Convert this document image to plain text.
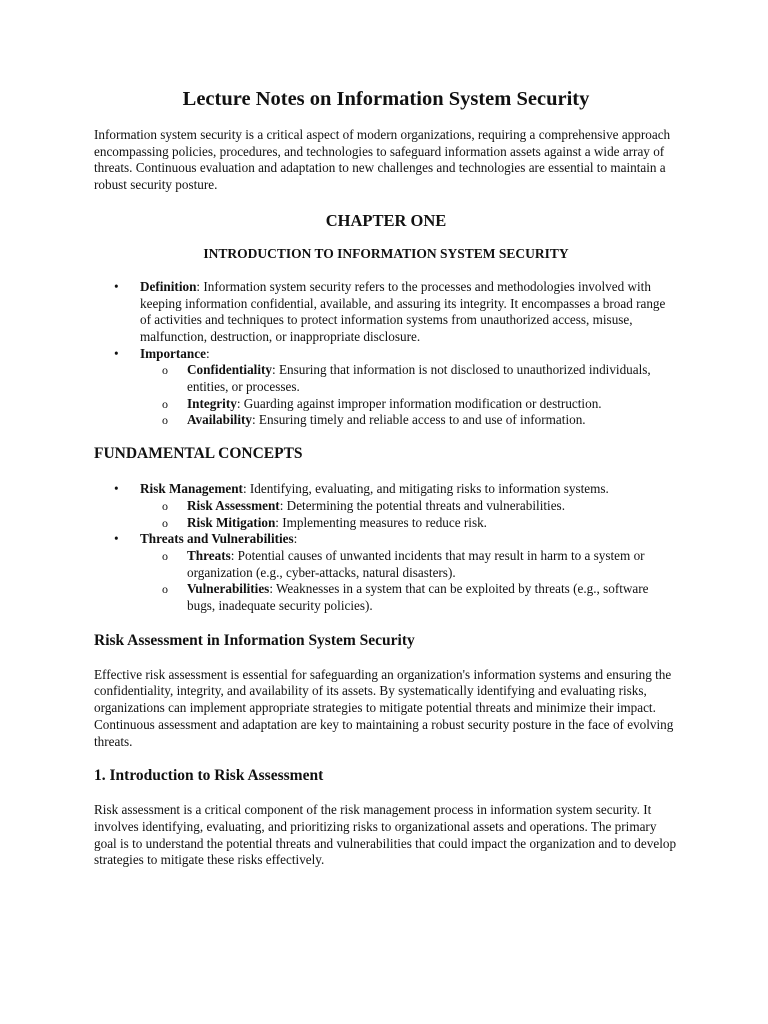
Lecture Notes on Information System Security

Information system security is a critical aspect of modern organizations, requiring a comprehensive approach encompassing policies, procedures, and technologies to safeguard information assets against a wide array of threats. Continuous evaluation and adaptation to new challenges and technologies are essential to maintain a robust security posture.

CHAPTER ONE
INTRODUCTION TO INFORMATION SYSTEM SECURITY
• Definition: Information system security refers to the processes and methodologies involved with keeping information confidential, available, and assuring its integrity. It encompasses a broad range of activities and techniques to protect information systems from unauthorized access, misuse, malfunction, destruction, or inappropriate disclosure.
• Importance:
o Confidentiality: Ensuring that information is not disclosed to unauthorized individuals, entities, or processes.
o Integrity: Guarding against improper information modification or destruction.
o Availability: Ensuring timely and reliable access to and use of information.
FUNDAMENTAL CONCEPTS
• Risk Management: Identifying, evaluating, and mitigating risks to information systems.
o Risk Assessment: Determining the potential threats and vulnerabilities.
o Risk Mitigation: Implementing measures to reduce risk.
• Threats and Vulnerabilities:
o Threats: Potential causes of unwanted incidents that may result in harm to a system or organization (e.g., cyber-attacks, natural disasters).
o Vulnerabilities: Weaknesses in a system that can be exploited by threats (e.g., software bugs, inadequate security policies).
Risk Assessment in Information System Security

Effective risk assessment is essential for safeguarding an organization's information systems and ensuring the confidentiality, integrity, and availability of its assets. By systematically identifying and evaluating risks, organizations can implement appropriate strategies to mitigate potential threats and minimize their impact. Continuous assessment and adaptation are key to maintaining a robust security posture in the face of evolving threats.

1. Introduction to Risk Assessment

Risk assessment is a critical component of the risk management process in information system security. It involves identifying, evaluating, and prioritizing risks to organizational assets and operations. The primary goal is to understand the potential threats and vulnerabilities that could impact the organization and to develop strategies to mitigate these risks effectively.
